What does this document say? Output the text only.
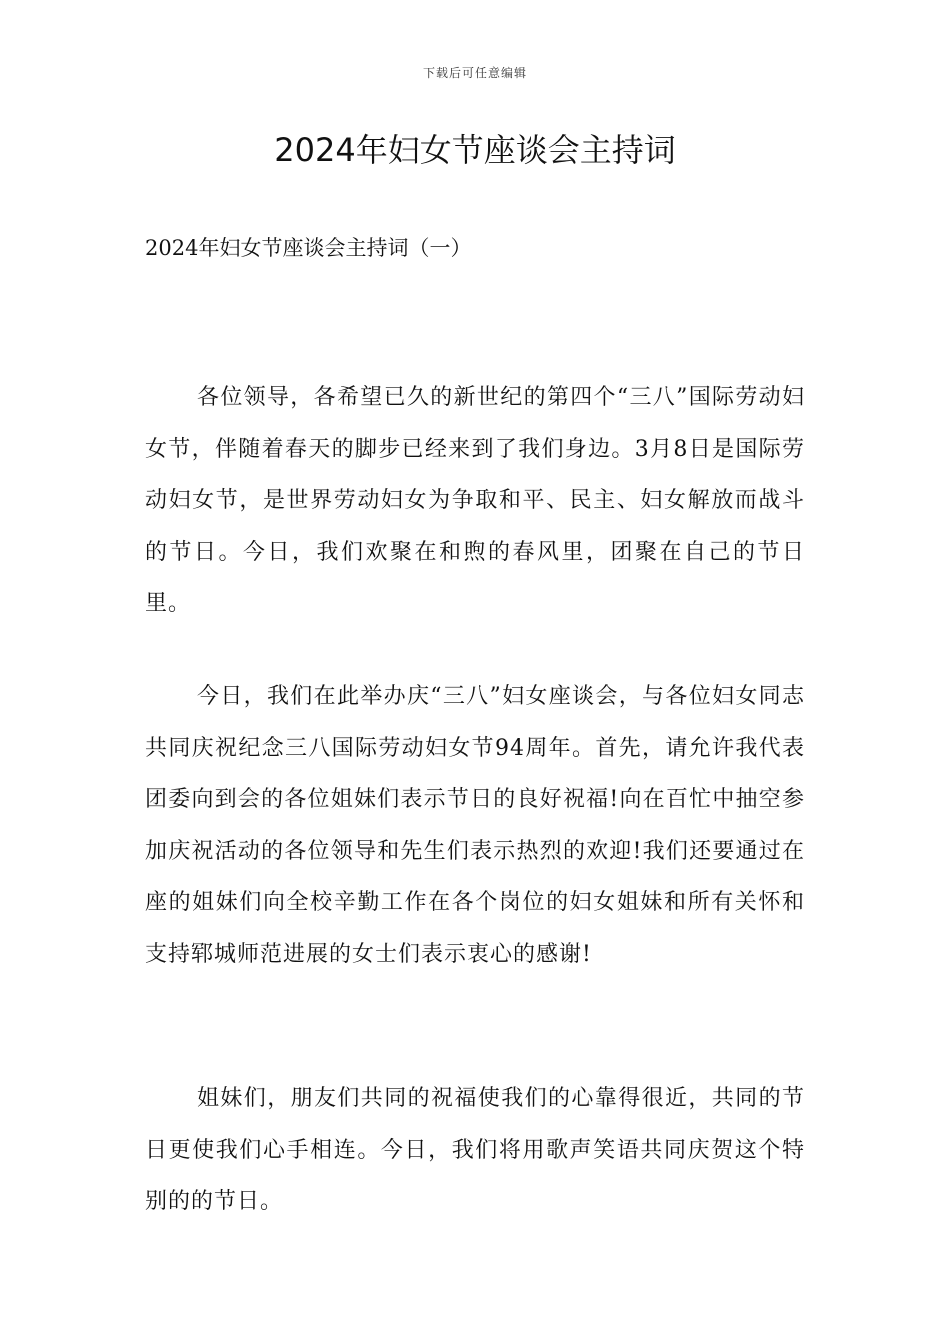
下载后可任意编辑
2024年妇女节座谈会主持词

2024年妇女节座谈会主持词（一）

各位领导，各希望已久的新世纪的第四个“三八”国际劳动妇女节，伴随着春天的脚步已经来到了我们身边。3月8日是国际劳动妇女节，是世界劳动妇女为争取和平、民主、妇女解放而战斗的节日。今日，我们欢聚在和煦的春风里，团聚在自己的节日里。

今日，我们在此举办庆“三八”妇女座谈会，与各位妇女同志共同庆祝纪念三八国际劳动妇女节94周年。首先，请允许我代表团委向到会的各位姐妹们表示节日的良好祝福!向在百忙中抽空参加庆祝活动的各位领导和先生们表示热烈的欢迎!我们还要通过在座的姐妹们向全校辛勤工作在各个岗位的妇女姐妹和所有关怀和支持郓城师范进展的女士们表示衷心的感谢!

姐妹们，朋友们共同的祝福使我们的心靠得很近，共同的节日更使我们心手相连。今日，我们将用歌声笑语共同庆贺这个特别的的节日。
